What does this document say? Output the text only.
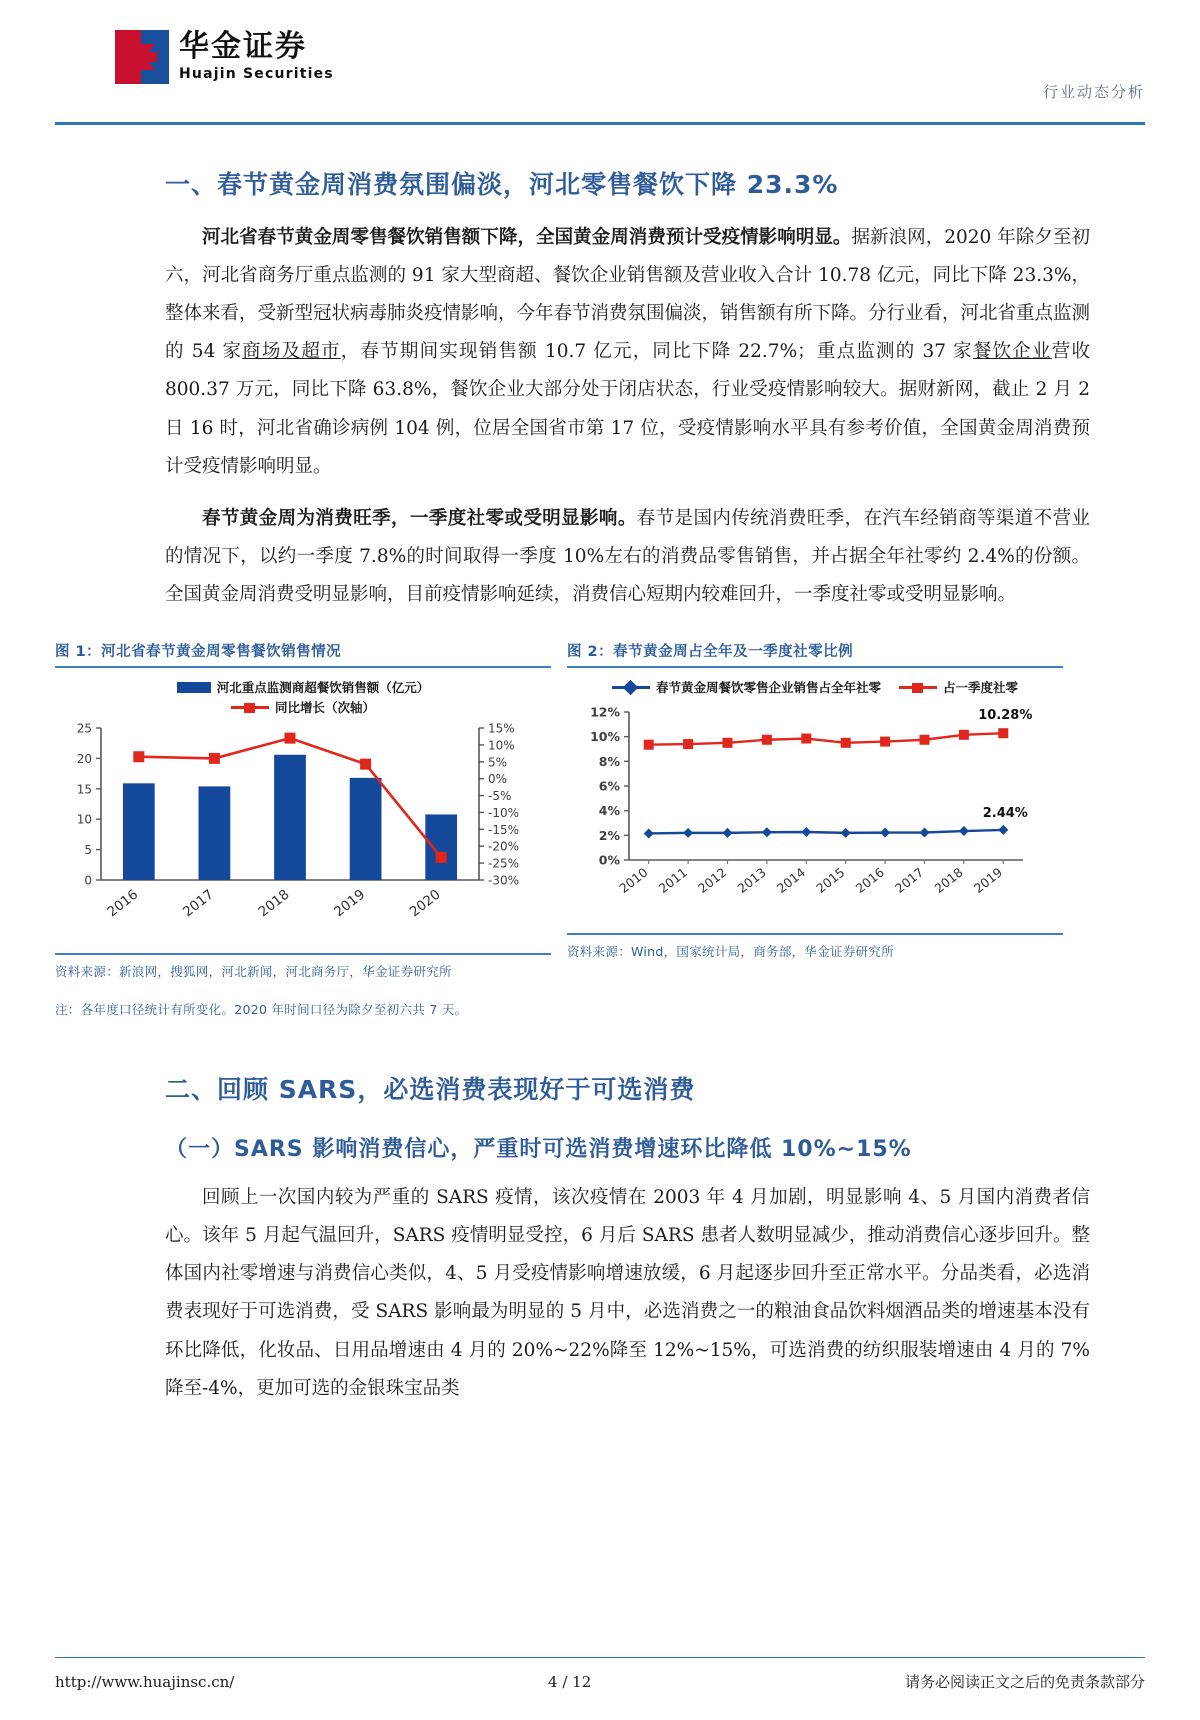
华金证券
Huajin Securities
行业动态分析
一、春节黄金周消费氛围偏淡，河北零售餐饮下降 23.3%

河北省春节黄金周零售餐饮销售额下降，全国黄金周消费预计受疫情影响明显。据新浪网，2020 年除夕至初六，河北省商务厅重点监测的 91 家大型商超、餐饮企业销售额及营业收入合计 10.78 亿元，同比下降 23.3%，整体来看，受新型冠状病毒肺炎疫情影响，今年春节消费氛围偏淡，销售额有所下降。分行业看，河北省重点监测的 54 家商场及超市，春节期间实现销售额 10.7 亿元，同比下降 22.7%；重点监测的 37 家餐饮企业营收 800.37 万元，同比下降 63.8%，餐饮企业大部分处于闭店状态，行业受疫情影响较大。据财新网，截止 2 月 2 日 16 时，河北省确诊病例 104 例，位居全国省市第 17 位，受疫情影响水平具有参考价值，全国黄金周消费预计受疫情影响明显。

春节黄金周为消费旺季，一季度社零或受明显影响。春节是国内传统消费旺季，在汽车经销商等渠道不营业的情况下，以约一季度 7.8%的时间取得一季度 10%左右的消费品零售销售，并占据全年社零约 2.4%的份额。全国黄金周消费受明显影响，目前疫情影响延续，消费信心短期内较难回升，一季度社零或受明显影响。

图 1：河北省春节黄金周零售餐饮销售情况
河北重点监测商超餐饮销售额（亿元）
同比增长（次轴）
0
5
10
15
20
25	15%
10%
5%
0%
-5%
-10%
-15%
-20%
-25%
-30%
2016	2017	2018	2019	2020
资料来源：新浪网，搜狐网，河北新闻，河北商务厅，华金证券研究所
注：各年度口径统计有所变化。2020 年时间口径为除夕至初六共 7 天。
图 2：春节黄金周占全年及一季度社零比例
春节黄金周餐饮零售企业销售占全年社零	占一季度社零
0%
2%
4%
6%
8%
10%
12%
2010 2011 2012 2013 2014 2015 2016 2017 2018 2019
10.28%
2.44%
资料来源：Wind，国家统计局，商务部，华金证券研究所
二、回顾 SARS，必选消费表现好于可选消费
（一）SARS 影响消费信心，严重时可选消费增速环比降低 10%~15%

回顾上一次国内较为严重的 SARS 疫情，该次疫情在 2003 年 4 月加剧，明显影响 4、5 月国内消费者信心。该年 5 月起气温回升，SARS 疫情明显受控，6 月后 SARS 患者人数明显减少，推动消费信心逐步回升。整体国内社零增速与消费信心类似，4、5 月受疫情影响增速放缓，6 月起逐步回升至正常水平。分品类看，必选消费表现好于可选消费，受 SARS 影响最为明显的 5 月中，必选消费之一的粮油食品饮料烟酒品类的增速基本没有环比降低，化妆品、日用品增速由 4 月的 20%~22%降至 12%~15%，可选消费的纺织服装增速由 4 月的 7%降至-4%，更加可选的金银珠宝品类

http://www.huajinsc.cn/	4 / 12	请务必阅读正文之后的免责条款部分
